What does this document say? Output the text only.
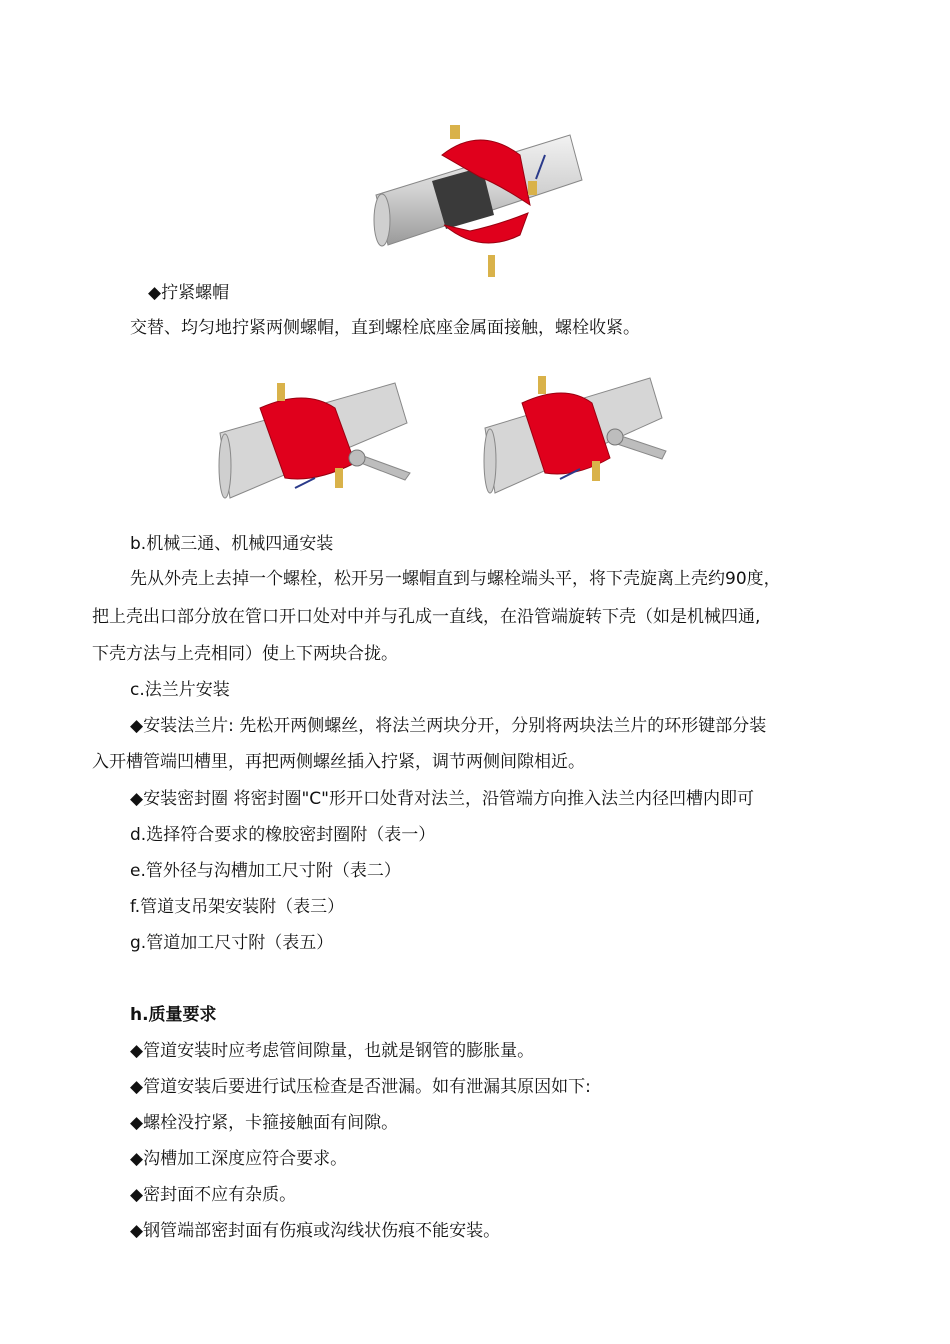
◆拧紧螺帽
交替、均匀地拧紧两侧螺帽，直到螺栓底座金属面接触，螺栓收紧。
b.机械三通、机械四通安装
先从外壳上去掉一个螺栓，松开另一螺帽直到与螺栓端头平，将下壳旋离上壳约90度，
把上壳出口部分放在管口开口处对中并与孔成一直线，在沿管端旋转下壳（如是机械四通,
下壳方法与上壳相同）使上下两块合拢。
c.法兰片安装
◆安装法兰片: 先松开两侧螺丝，将法兰两块分开，分别将两块法兰片的环形键部分装
入开槽管端凹槽里，再把两侧螺丝插入拧紧，调节两侧间隙相近。
◆安装密封圈 将密封圈"C"形开口处背对法兰，沿管端方向推入法兰内径凹槽内即可
d.选择符合要求的橡胶密封圈附（表一）
e.管外径与沟槽加工尺寸附（表二）
f.管道支吊架安装附（表三）
g.管道加工尺寸附（表五）
h.质量要求
◆管道安装时应考虑管间隙量，也就是钢管的膨胀量。
◆管道安装后要进行试压检查是否泄漏。如有泄漏其原因如下:
◆螺栓没拧紧，卡箍接触面有间隙。
◆沟槽加工深度应符合要求。
◆密封面不应有杂质。
◆钢管端部密封面有伤痕或沟线状伤痕不能安装。
